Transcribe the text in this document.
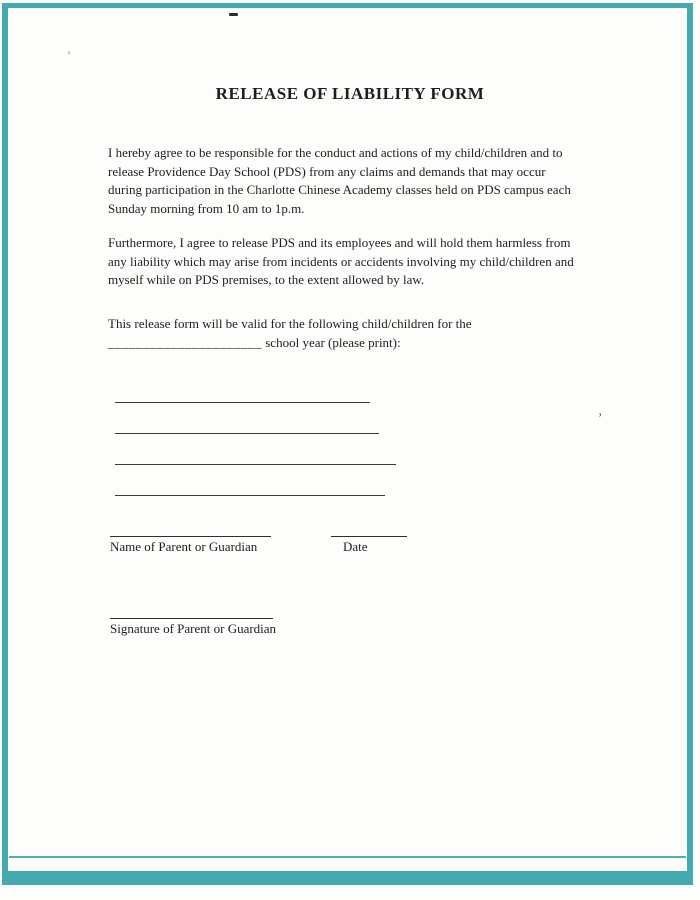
’
’
RELEASE OF LIABILITY FORM
I hereby agree to be responsible for the conduct and actions of my child/children and to
release Providence Day School (PDS) from any claims and demands that may occur
during participation in the Charlotte Chinese Academy classes held on PDS campus each
Sunday morning from 10 am to 1p.m.
Furthermore, I agree to release PDS and its employees and will hold them harmless from
any liability which may arise from incidents or accidents involving my child/children and
myself while on PDS premises, to the extent allowed by law.
This release form will be valid for the following child/children for the
______________________ school year (please print):
Name of Parent or Guardian	Date
Signature of Parent or Guardian
